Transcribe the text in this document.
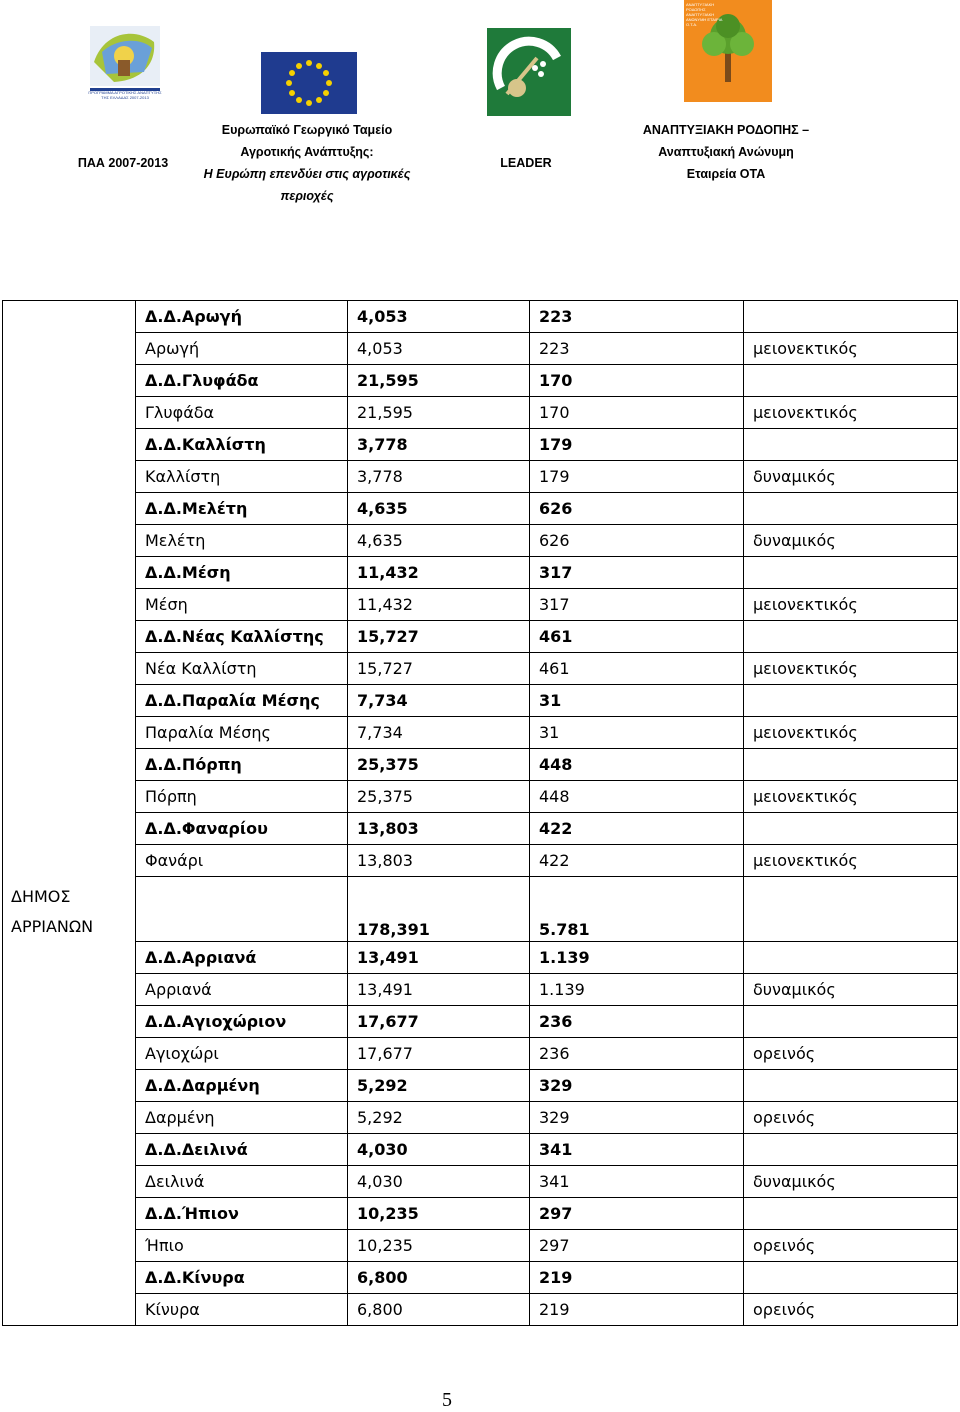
ΠΡΟΓΡΑΜΜΑ ΑΓΡΟΤΙΚΗΣ ΑΝΑΠΤΥΞΗΣ ΤΗΣ ΕΛΛΑΔΑΣ 2007-2013
ΑΝΑΠΤΥΞΙΑΚΗ ΡΟΔΟΠΗΣ ΑΝΑΠΤΥΞΙΑΚΗ ΑΝΩΝΥΜΗ ΕΤΑΙΡΙΑ Ο.Τ.Α.
ΠΑΑ 2007-2013
Ευρωπαϊκό Γεωργικό Ταμείο
Αγροτικής Ανάπτυξης:
Η Ευρώπη επενδύει στις αγροτικές
περιοχές
LEADER
ΑΝΑΠΤΥΞΙΑΚΗ ΡΟΔΟΠΗΣ –
Αναπτυξιακή Ανώνυμη
Εταιρεία ΟΤΑ
	Δ.Δ.Αρωγή	4,053	223	
	Αρωγή	4,053	223	μειονεκτικός
	Δ.Δ.Γλυφάδα	21,595	170	
	Γλυφάδα	21,595	170	μειονεκτικός
	Δ.Δ.Καλλίστη	3,778	179	
	Καλλίστη	3,778	179	δυναμικός
	Δ.Δ.Μελέτη	4,635	626	
	Μελέτη	4,635	626	δυναμικός
	Δ.Δ.Μέση	11,432	317	
	Μέση	11,432	317	μειονεκτικός
	Δ.Δ.Νέας Καλλίστης	15,727	461	
	Νέα Καλλίστη	15,727	461	μειονεκτικός
	Δ.Δ.Παραλία Μέσης	7,734	31	
	Παραλία Μέσης	7,734	31	μειονεκτικός
	Δ.Δ.Πόρπη	25,375	448	
	Πόρπη	25,375	448	μειονεκτικός
	Δ.Δ.Φαναρίου	13,803	422	
	Φανάρι	13,803	422	μειονεκτικός

ΔΗΜΟΣ
ΑΡΡΙΑΝΩΝ		178,391	5.781	
	Δ.Δ.Αρριανά	13,491	1.139	
	Αρριανά	13,491	1.139	δυναμικός
	Δ.Δ.Αγιοχώριον	17,677	236	
	Αγιοχώρι	17,677	236	ορεινός
	Δ.Δ.Δαρμένη	5,292	329	
	Δαρμένη	5,292	329	ορεινός
	Δ.Δ.Δειλινά	4,030	341	
	Δειλινά	4,030	341	δυναμικός
	Δ.Δ.Ήπιον	10,235	297	
	Ήπιο	10,235	297	ορεινός
	Δ.Δ.Κίνυρα	6,800	219	
	Κίνυρα	6,800	219	ορεινός
5
